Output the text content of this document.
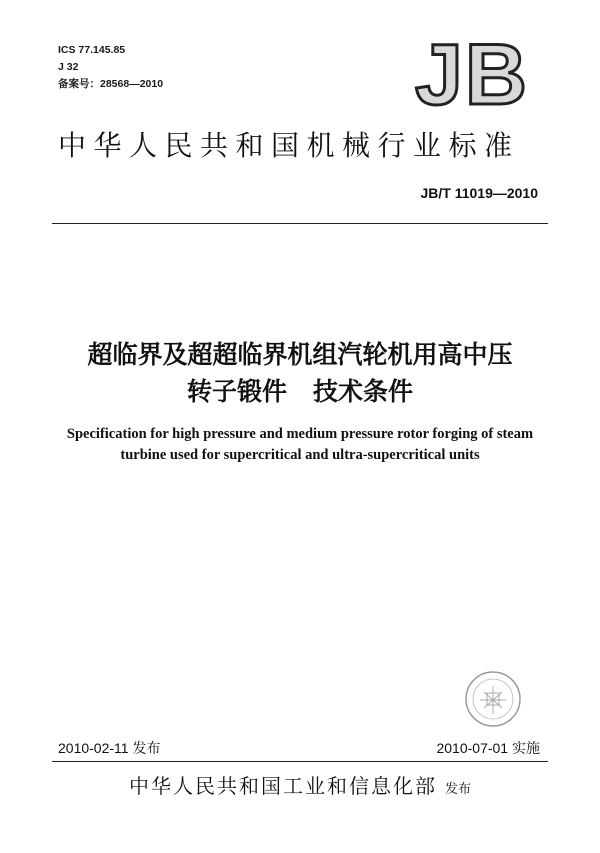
ICS 77.145.85
J 32
备案号：28568—2010	JB
中华人民共和国机械行业标准
JB/T 11019—2010
超临界及超超临界机组汽轮机用高中压
转子锻件 技术条件
Specification for high pressure and medium pressure rotor forging of steam
turbine used for supercritical and ultra-supercritical units
2010-02-11 发布	2010-07-01 实施
中华人民共和国工业和信息化部 发布
